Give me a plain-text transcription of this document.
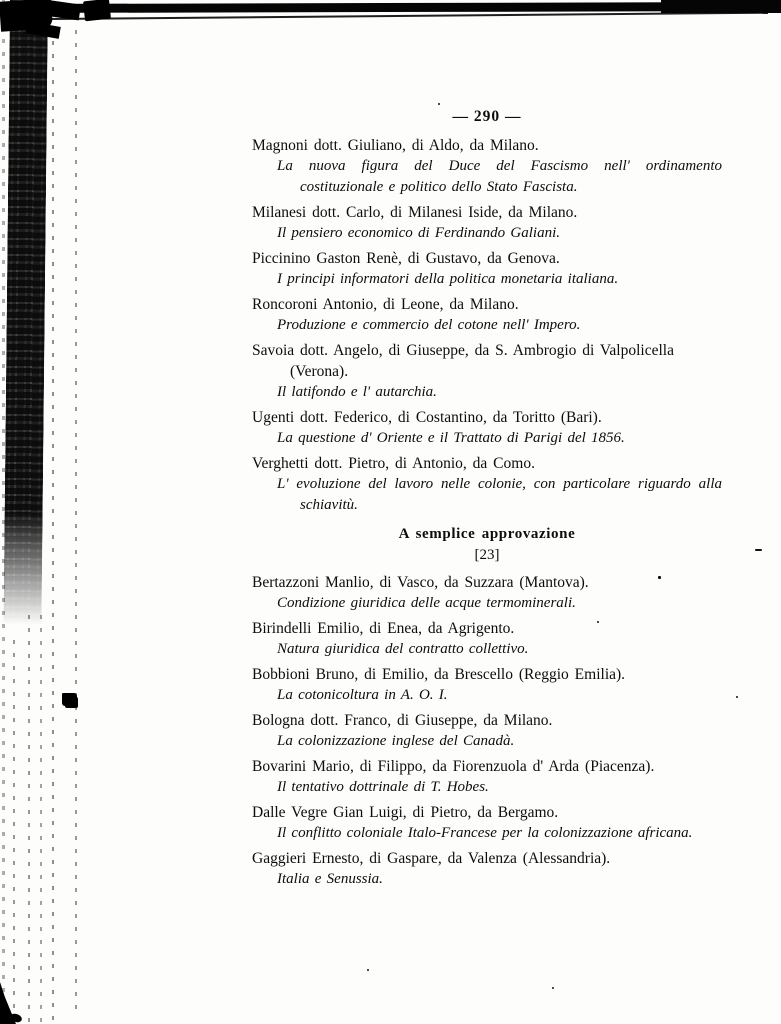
— 290 —
Magnoni dott. Giuliano, di Aldo, da Milano.
La nuova figura del Duce del Fascismo nell' ordinamento costituzionale e politico dello Stato Fascista.
Milanesi dott. Carlo, di Milanesi Iside, da Milano.
Il pensiero economico di Ferdinando Galiani.
Piccinino Gaston Renè, di Gustavo, da Genova.
I principi informatori della politica monetaria italiana.
Roncoroni Antonio, di Leone, da Milano.
Produzione e commercio del cotone nell' Impero.
Savoia dott. Angelo, di Giuseppe, da S. Ambrogio di Valpolicella (Verona).
Il latifondo e l' autarchia.
Ugenti dott. Federico, di Costantino, da Toritto (Bari).
La questione d' Oriente e il Trattato di Parigi del 1856.
Verghetti dott. Pietro, di Antonio, da Como.
L' evoluzione del lavoro nelle colonie, con particolare riguardo alla schiavitù.
A semplice approvazione
[23]
Bertazzoni Manlio, di Vasco, da Suzzara (Mantova).
Condizione giuridica delle acque termominerali.
Birindelli Emilio, di Enea, da Agrigento.
Natura giuridica del contratto collettivo.
Bobbioni Bruno, di Emilio, da Brescello (Reggio Emilia).
La cotonicoltura in A. O. I.
Bologna dott. Franco, di Giuseppe, da Milano.
La colonizzazione inglese del Canadà.
Bovarini Mario, di Filippo, da Fiorenzuola d' Arda (Piacenza).
Il tentativo dottrinale di T. Hobes.
Dalle Vegre Gian Luigi, di Pietro, da Bergamo.
Il conflitto coloniale Italo-Francese per la colonizzazione africana.
Gaggieri Ernesto, di Gaspare, da Valenza (Alessandria).
Italia e Senussia.
